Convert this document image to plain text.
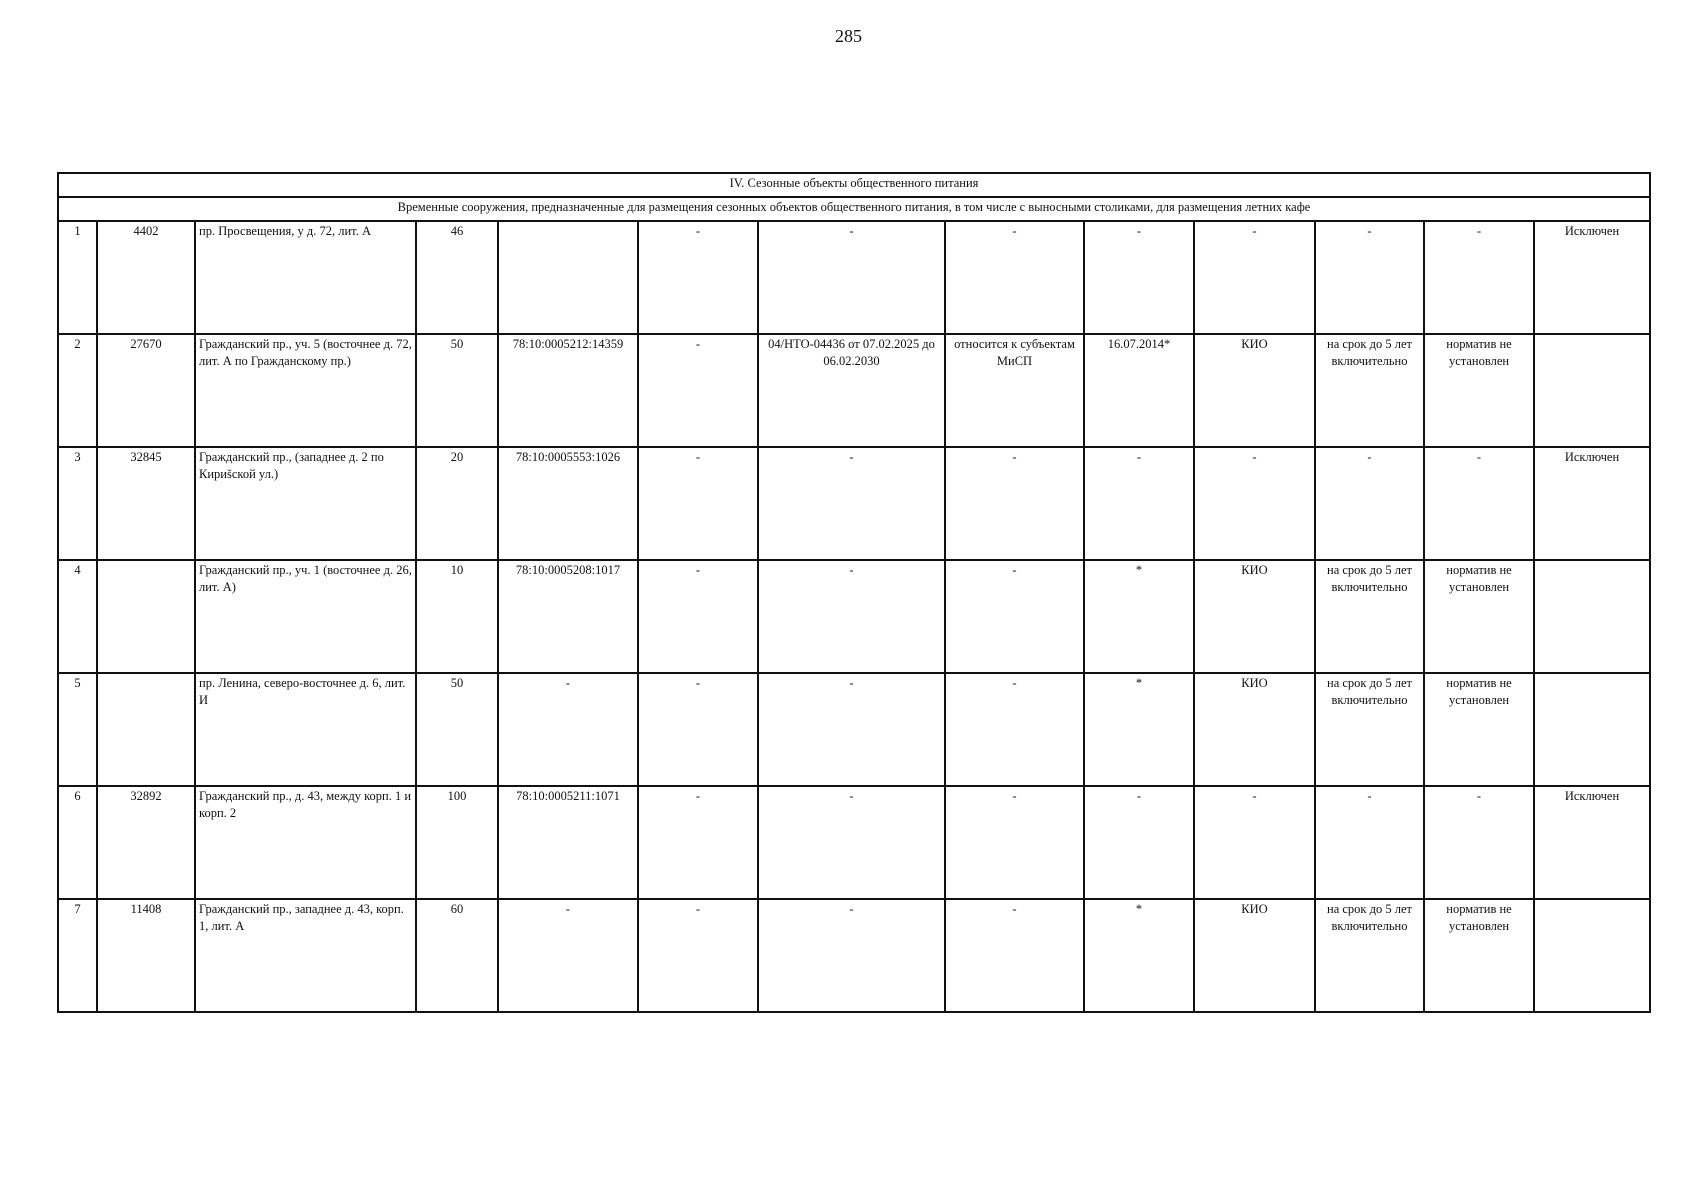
285
IV. Сезонные объекты общественного питания												
Временные сооружения, предназначенные для размещения сезонных объектов общественного питания, в том числе с выносными столиками, для размещения летних кафе												
1	4402	пр. Просвещения, у д. 72, лит. А	46		-	-	-	-	-	-	-	Исключен
2	27670	Гражданский пр., уч. 5 (восточнее д. 72, лит. А по Гражданскому пр.)	50	78:10:0005212:14359	-	04/НТО-04436 от 07.02.2025 до 06.02.2030	относится к субъектам МиСП	16.07.2014*	КИО	на срок до 5 лет включительно	норматив не установлен	
3	32845	Гражданский пр., (западнее д. 2 по Кириšской ул.)	20	78:10:0005553:1026	-	-	-	-	-	-	-	Исключен
4		Гражданский пр., уч. 1 (восточнее д. 26, лит. А)	10	78:10:0005208:1017	-	-	-	*	КИО	на срок до 5 лет включительно	норматив не установлен	
5		пр. Ленина, северо-восточнее д. 6, лит. И	50	-	-	-	-	*	КИО	на срок до 5 лет включительно	норматив не установлен	
6	32892	Гражданский пр., д. 43, между корп. 1 и корп. 2	100	78:10:0005211:1071	-	-	-	-	-	-	-	Исключен
7	11408	Гражданский пр., западнее д. 43, корп. 1, лит. А	60	-	-	-	-	*	КИО	на срок до 5 лет включительно	норматив не установлен	
